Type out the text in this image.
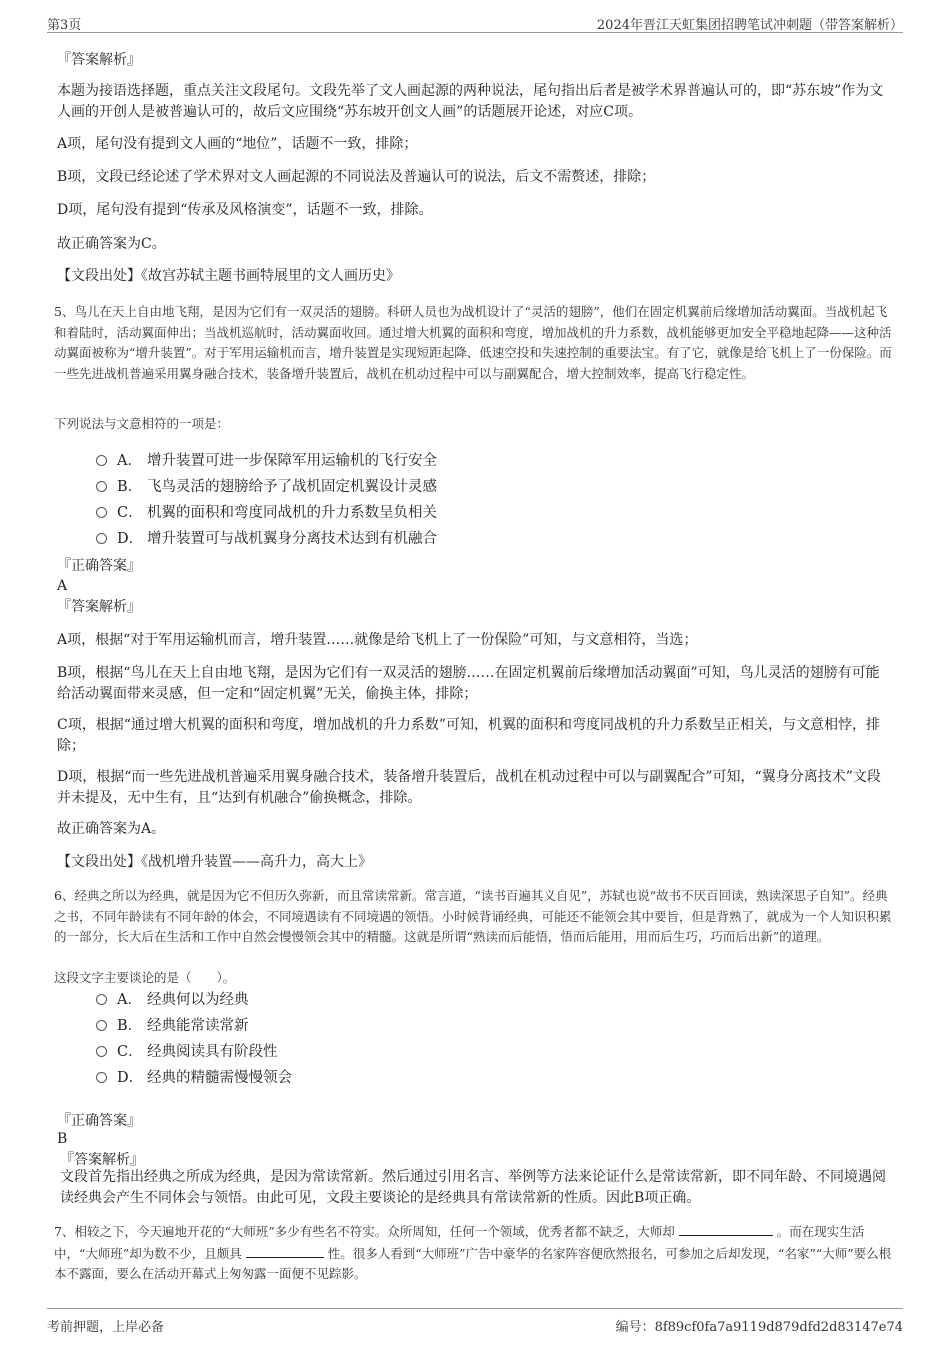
第3页	2024年晋江天虹集团招聘笔试冲刺题（带答案解析）
『答案解析』
本题为接语选择题，重点关注文段尾句。文段先举了文人画起源的两种说法，尾句指出后者是被学术界普遍认可的，即“苏东坡”作为文人画的开创人是被普遍认可的，故后文应围绕“苏东坡开创文人画”的话题展开论述，对应C项。
A项，尾句没有提到文人画的“地位”，话题不一致，排除；
B项，文段已经论述了学术界对文人画起源的不同说法及普遍认可的说法，后文不需赘述，排除；
D项，尾句没有提到“传承及风格演变”，话题不一致，排除。
故正确答案为C。
【文段出处】《故宫苏轼主题书画特展里的文人画历史》
5、鸟儿在天上自由地飞翔，是因为它们有一双灵活的翅膀。科研人员也为战机设计了“灵活的翅膀”，他们在固定机翼前后缘增加活动翼面。当战机起飞和着陆时，活动翼面伸出；当战机巡航时，活动翼面收回。通过增大机翼的面积和弯度，增加战机的升力系数，战机能够更加安全平稳地起降——这种活动翼面被称为“增升装置”。对于军用运输机而言，增升装置是实现短距起降、低速空投和失速控制的重要法宝。有了它，就像是给飞机上了一份保险。而一些先进战机普遍采用翼身融合技术，装备增升装置后，战机在机动过程中可以与副翼配合，增大控制效率，提高飞行稳定性。
下列说法与文意相符的一项是：
A． 增升装置可进一步保障军用运输机的飞行安全
B． 飞鸟灵活的翅膀给予了战机固定机翼设计灵感
C． 机翼的面积和弯度同战机的升力系数呈负相关
D． 增升装置可与战机翼身分离技术达到有机融合
『正确答案』
A
『答案解析』
A项，根据“对于军用运输机而言，增升装置……就像是给飞机上了一份保险”可知，与文意相符，当选；
B项，根据“鸟儿在天上自由地飞翔，是因为它们有一双灵活的翅膀……在固定机翼前后缘增加活动翼面”可知，鸟儿灵活的翅膀有可能给活动翼面带来灵感，但一定和“固定机翼”无关，偷换主体，排除；
C项，根据“通过增大机翼的面积和弯度，增加战机的升力系数”可知，机翼的面积和弯度同战机的升力系数呈正相关，与文意相悖，排除；
D项，根据“而一些先进战机普遍采用翼身融合技术，装备增升装置后，战机在机动过程中可以与副翼配合”可知，“翼身分离技术”文段并未提及，无中生有，且“达到有机融合”偷换概念，排除。
故正确答案为A。
【文段出处】《战机增升装置——高升力，高大上》
6、经典之所以为经典，就是因为它不但历久弥新，而且常读常新。常言道，“读书百遍其义自见”，苏轼也说“故书不厌百回读，熟读深思子自知”。经典之书，不同年龄读有不同年龄的体会，不同境遇读有不同境遇的领悟。小时候背诵经典，可能还不能领会其中要旨，但是背熟了，就成为一个人知识积累的一部分，长大后在生活和工作中自然会慢慢领会其中的精髓。这就是所谓“熟读而后能悟，悟而后能用，用而后生巧，巧而后出新”的道理。
这段文字主要谈论的是（　　）。
A． 经典何以为经典
B． 经典能常读常新
C． 经典阅读具有阶段性
D． 经典的精髓需慢慢领会
『正确答案』
B
『答案解析』
文段首先指出经典之所成为经典，是因为常读常新。然后通过引用名言、举例等方法来论证什么是常读常新，即不同年龄、不同境遇阅读经典会产生不同体会与领悟。由此可见，文段主要谈论的是经典具有常读常新的性质。因此B项正确。
7、相较之下，今天遍地开花的“大师班”多少有些名不符实。众所周知，任何一个领域，优秀者都不缺乏，大师却	。而在现实生活中，“大师班”却为数不少，且颇具	性。很多人看到“大师班”广告中豪华的名家阵容便欣然报名，可参加之后却发现，“名家”“大师”要么根本不露面，要么在活动开幕式上匆匆露一面便不见踪影。
考前押题，上岸必备	编号：8f89cf0fa7a9119d879dfd2d83147e74
